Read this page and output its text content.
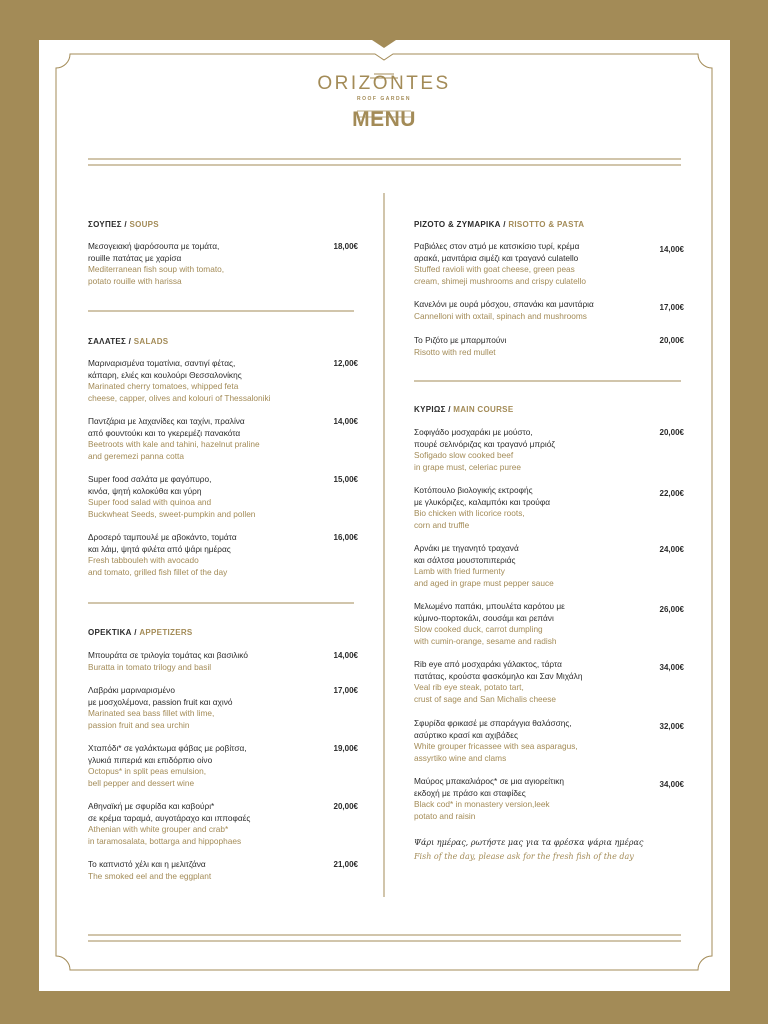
ORIZONTES
ROOF GARDEN
MENU
ΣΟΥΠΕΣ / SOUPS
Μεσογειακή ψαρόσουπα με τομάτα,
rouille πατάτας με χαρίσα
Mediterranean fish soup with tomato,
potato rouille with harissa
18,00€
ΣΑΛΑΤΕΣ / SALADS
Μαριναρισμένα τοματίνια, σαντιγί φέτας,
κάπαρη, ελιές και κουλούρι Θεσσαλονίκης
Marinated cherry tomatoes, whipped feta
cheese, capper, olives and kolouri of Thessaloniki
12,00€
Παντζάρια με λαχανίδες και ταχίνι, πραλίνα
από φουντούκι και το γκερεμέζι πανακότα
Beetroots with kale and tahini, hazelnut praline
and geremezi panna cotta
14,00€
Super food σαλάτα με φαγόπυρο,
κινόα, ψητή κολοκύθα και γύρη
Super food salad with quinoa and
Buckwheat Seeds, sweet-pumpkin and pollen
15,00€
Δροσερό ταμπουλέ με αβοκάντο, τομάτα
και λάιμ, ψητά φιλέτα από ψάρι ημέρας
Fresh tabbouleh with avocado
and tomato, grilled fish fillet of the day
16,00€
ΟΡΕΚΤΙΚΑ / APPETIZERS
Μπουράτα σε τριλογία τομάτας και βασιλικό
Buratta in tomato trilogy and basil
14,00€
Λαβράκι μαριναρισμένο
με μοσχολέμονα, passion fruit και αχινό
Marinated sea bass fillet with lime,
passion fruit and sea urchin
17,00€
Χταπόδι* σε γαλάκτωμα φάβας με ροβίτσα,
γλυκιά πιπεριά και επιδόρπιο οίνο
Octopus* in split peas emulsion,
bell pepper and dessert wine
19,00€
Αθηναϊκή με σφυρίδα και καβούρι*
σε κρέμα ταραμά, αυγοτάραχο και ιπποφαές
Athenian with white grouper and crab*
in taramosalata, bottarga and hippophaes
20,00€
Το καπνιστό χέλι και η μελιτζάνα
The smoked eel and the eggplant
21,00€
ΡΙΖΟΤΟ & ΖΥΜΑΡΙΚΑ / RISOTTO & PASTA
Ραβιόλες στον ατμό με κατσικίσιο τυρί, κρέμα
αρακά, μανιτάρια σιμέζι και τραγανό culatello
Stuffed ravioli with goat cheese, green peas
cream, shimeji mushrooms and crispy culatello
14,00€
Κανελόνι με ουρά μόσχου, σπανάκι και μανιτάρια
Cannelloni with oxtail, spinach and mushrooms
17,00€
Το Ριζότο με μπαρμπούνι
Risotto with red mullet
20,00€
ΚΥΡΙΩΣ / MAIN COURSE
Σοφιγάδο μοσχαράκι με μούστο,
πουρέ σελινόριζας και τραγανό μπριόζ
Sofigado slow cooked beef
in grape must, celeriac puree
20,00€
Κοτόπουλο βιολογικής εκτροφής
με γλυκόριζες, καλαμπόκι και τρούφα
Bio chicken with licorice roots,
corn and truffle
22,00€
Αρνάκι με τηγανητό τραχανά
και σάλτσα μουστοπιπεριάς
Lamb with fried furmenty
and aged in grape must pepper sauce
24,00€
Μελωμένο παπάκι, μπουλέτα καρότου με
κύμινο-πορτοκάλι, σουσάμι και ρεπάνι
Slow cooked duck, carrot dumpling
with cumin-orange, sesame and radish
26,00€
Rib eye από μοσχαράκι γάλακτος, τάρτα
πατάτας, κρούστα φασκόμηλο και Σαν Μιχάλη
Veal rib eye steak, potato tart,
crust of sage and San Michalis cheese
34,00€
Σφυρίδα φρικασέ με σπαράγγια θαλάσσης,
ασύρτικο κρασί και αχιβάδες
White grouper fricassee with sea asparagus,
assyrtiko wine and clams
32,00€
Μαύρος μπακαλιάρος* σε μια αγιορείτικη
εκδοχή με πράσο και σταφίδες
Black cod* in monastery version,leek
potato and raisin
34,00€
Ψάρι ημέρας, ρωτήστε μας για τα φρέσκα ψάρια ημέρας
Fish of the day, please ask for the fresh fish of the day
